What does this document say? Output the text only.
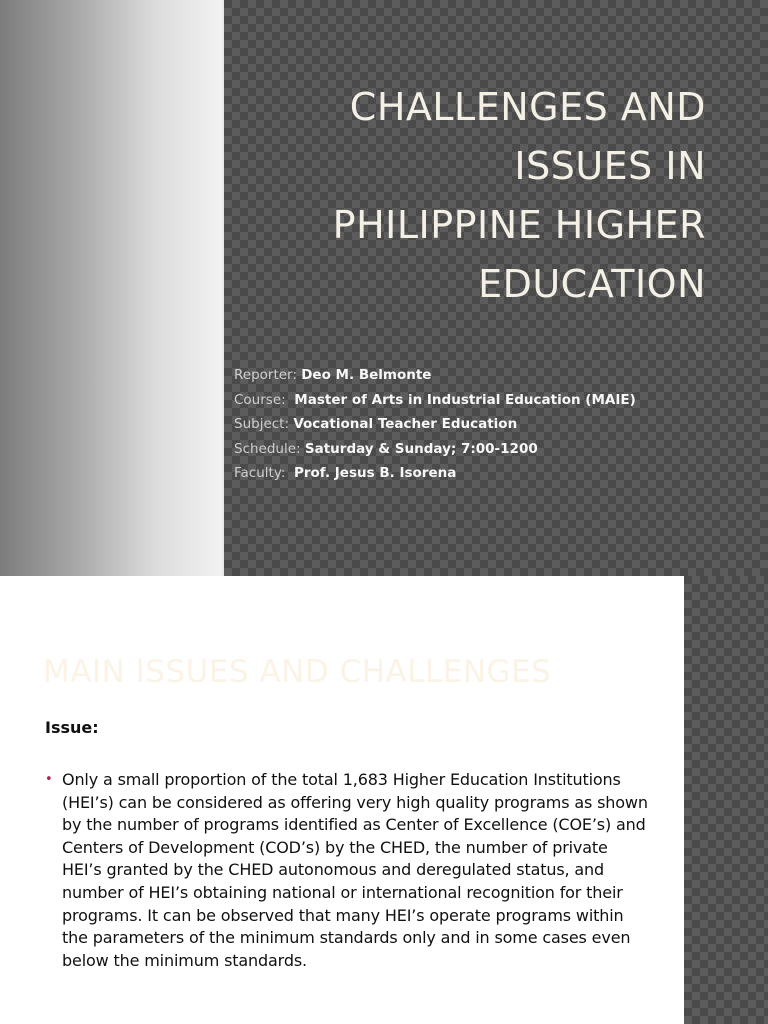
CHALLENGES AND
ISSUES IN
PHILIPPINE HIGHER
EDUCATION
Reporter: Deo M. Belmonte
Course: Master of Arts in Industrial Education (MAIE)
Subject: Vocational Teacher Education
Schedule: Saturday & Sunday; 7:00-1200
Faculty: Prof. Jesus B. Isorena
MAIN ISSUES AND CHALLENGES
Issue:
• Only a small proportion of the total 1,683 Higher Education Institutions (HEI’s) can be considered as offering very high quality programs as shown by the number of programs identified as Center of Excellence (COE’s) and Centers of Development (COD’s) by the CHED, the number of private HEI’s granted by the CHED autonomous and deregulated status, and number of HEI’s obtaining national or international recognition for their programs. It can be observed that many HEI’s operate programs within the parameters of the minimum standards only and in some cases even below the minimum standards.
